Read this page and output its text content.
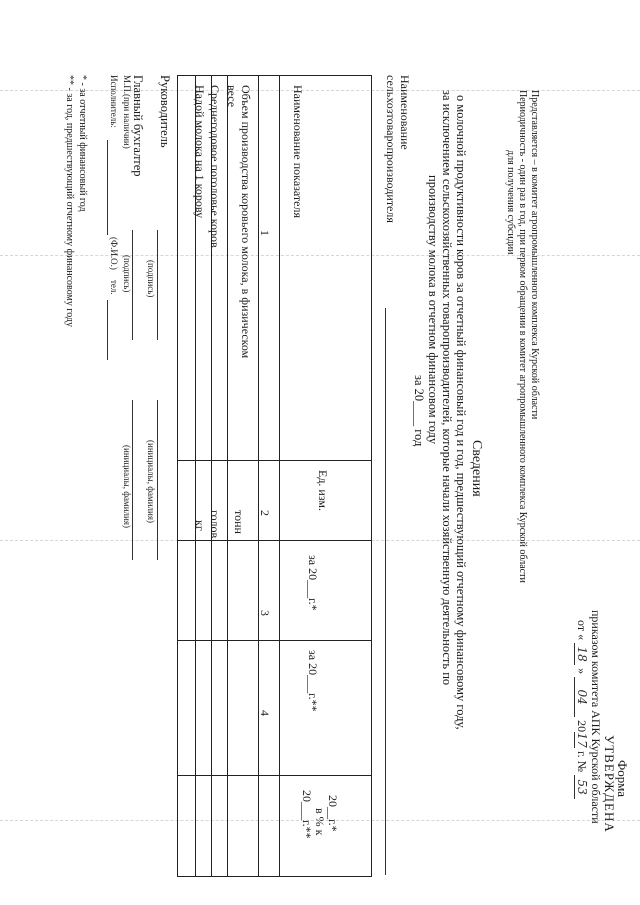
Форма
УТВЕРЖДЕНА
приказом комитета АПК Курской области
от « 18 » 04 2017 г. № 53
Представляется – в комитет агропромышленного комплекса Курской области
Периодичность - один раз в год, при первом обращении в комитет агропромышленного комплекса Курской области
для получения субсидии
Сведения
о молочной продуктивности коров за отчетный финансовый год и год, предшествующий отчетному финансовому году,
за исключением сельскохозяйственных товаропроизводителей, которые начали хозяйственную деятельность по
производству молока в отчетном финансовом году
за 20____ год
Наименование
сельхозтоваропроизводителя
Наименование показателя
Ед. изм.
за 20___г.*
за 20___г.**
20__г.*
в % к
20___г.**
1
2
3
4
Объем производства коровьего молока, в физическом
весе
тонн
Среднегодовое поголовье коров
голов
Надой молока на 1 корову
кг
Руководитель
(подпись)
(инициалы, фамилия)
Главный бухгалтер
М.П.(при наличии)
(подпись)
(инициалы, фамилия)
Исполнитель:
(Ф.И.О.)
тел.
* - за отчетный финансовый год
** - за год, предшествующий отчетному финансовому году
